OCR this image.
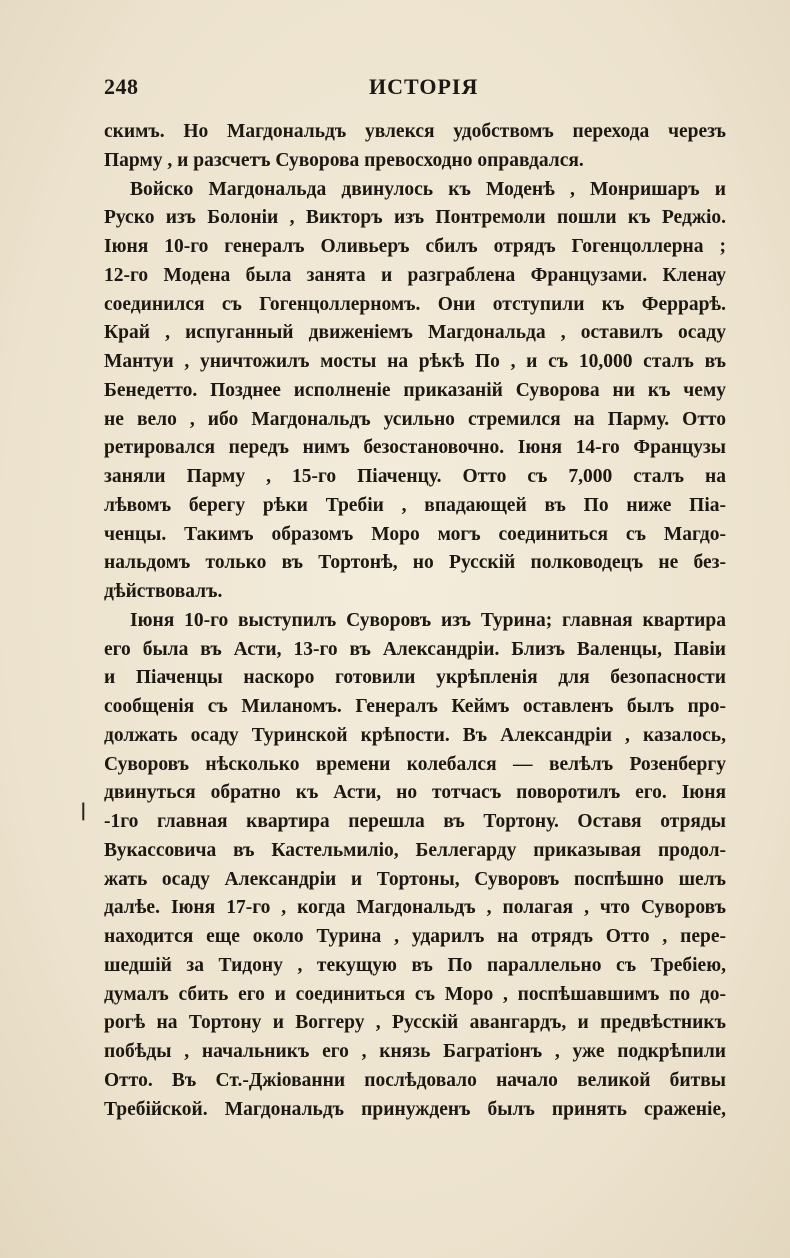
248	ИСТОРІЯ
|
скимъ. Но Магдональдъ увлекся удобствомъ перехода черезъ
Парму , и разсчетъ Суворова превосходно оправдался.
Войско Магдональда двинулось къ Моденѣ , Монришаръ и
Руско изъ Болоніи , Викторъ изъ Понтремоли пошли къ Реджіо.
Іюня 10-го генералъ Оливьеръ сбилъ отрядъ Гогенцоллерна ;
12-го Модена была занята и разграблена Французами. Кленау
соединился съ Гогенцоллерномъ. Они отступили къ Феррарѣ.
Край , испуганный движеніемъ Магдональда , оставилъ осаду
Мантуи , уничтожилъ мосты на рѣкѣ По , и съ 10,000 сталъ въ
Бенедетто. Позднее исполненіе приказаній Суворова ни къ чему
не вело , ибо Магдональдъ усильно стремился на Парму. Отто
ретировался передъ нимъ безостановочно. Іюня 14-го Французы
заняли Парму , 15-го Піаченцу. Отто съ 7,000 сталъ на
лѣвомъ берегу рѣки Требіи , впадающей въ По ниже Піа-
ченцы. Такимъ образомъ Моро могъ соединиться съ Магдо-
нальдомъ только въ Тортонѣ, но Русскій полководецъ не без-
дѣйствовалъ.
Іюня 10-го выступилъ Суворовъ изъ Турина; главная квартира
его была въ Асти, 13-го въ Александріи. Близъ Валенцы, Павіи
и Піаченцы наскоро готовили укрѣпленія для безопасности
сообщенія съ Миланомъ. Генералъ Кеймъ оставленъ былъ про-
должать осаду Туринской крѣпости. Въ Александріи , казалось,
Суворовъ нѣсколько времени колебался — велѣлъ Розенбергу
двинуться обратно къ Асти, но тотчасъ поворотилъ его. Іюня
-1го главная квартира перешла въ Тортону. Оставя отряды
Вукассовича въ Кастельмиліо, Беллегарду приказывая продол-
жать осаду Александріи и Тортоны, Суворовъ поспѣшно шелъ
далѣе. Іюня 17-го , когда Магдональдъ , полагая , что Суворовъ
находится еще около Турина , ударилъ на отрядъ Отто , пере-
шедшій за Тидону , текущую въ По параллельно съ Требіею,
думалъ сбить его и соединиться съ Моро , поспѣшавшимъ по до-
рогѣ на Тортону и Воггеру , Русскій авангардъ, и предвѣстникъ
побѣды , начальникъ его , князь Багратіонъ , уже подкрѣпили
Отто. Въ Ст.-Джіованни послѣдовало начало великой битвы
Требійской. Магдональдъ принужденъ былъ принять сраженіе,
